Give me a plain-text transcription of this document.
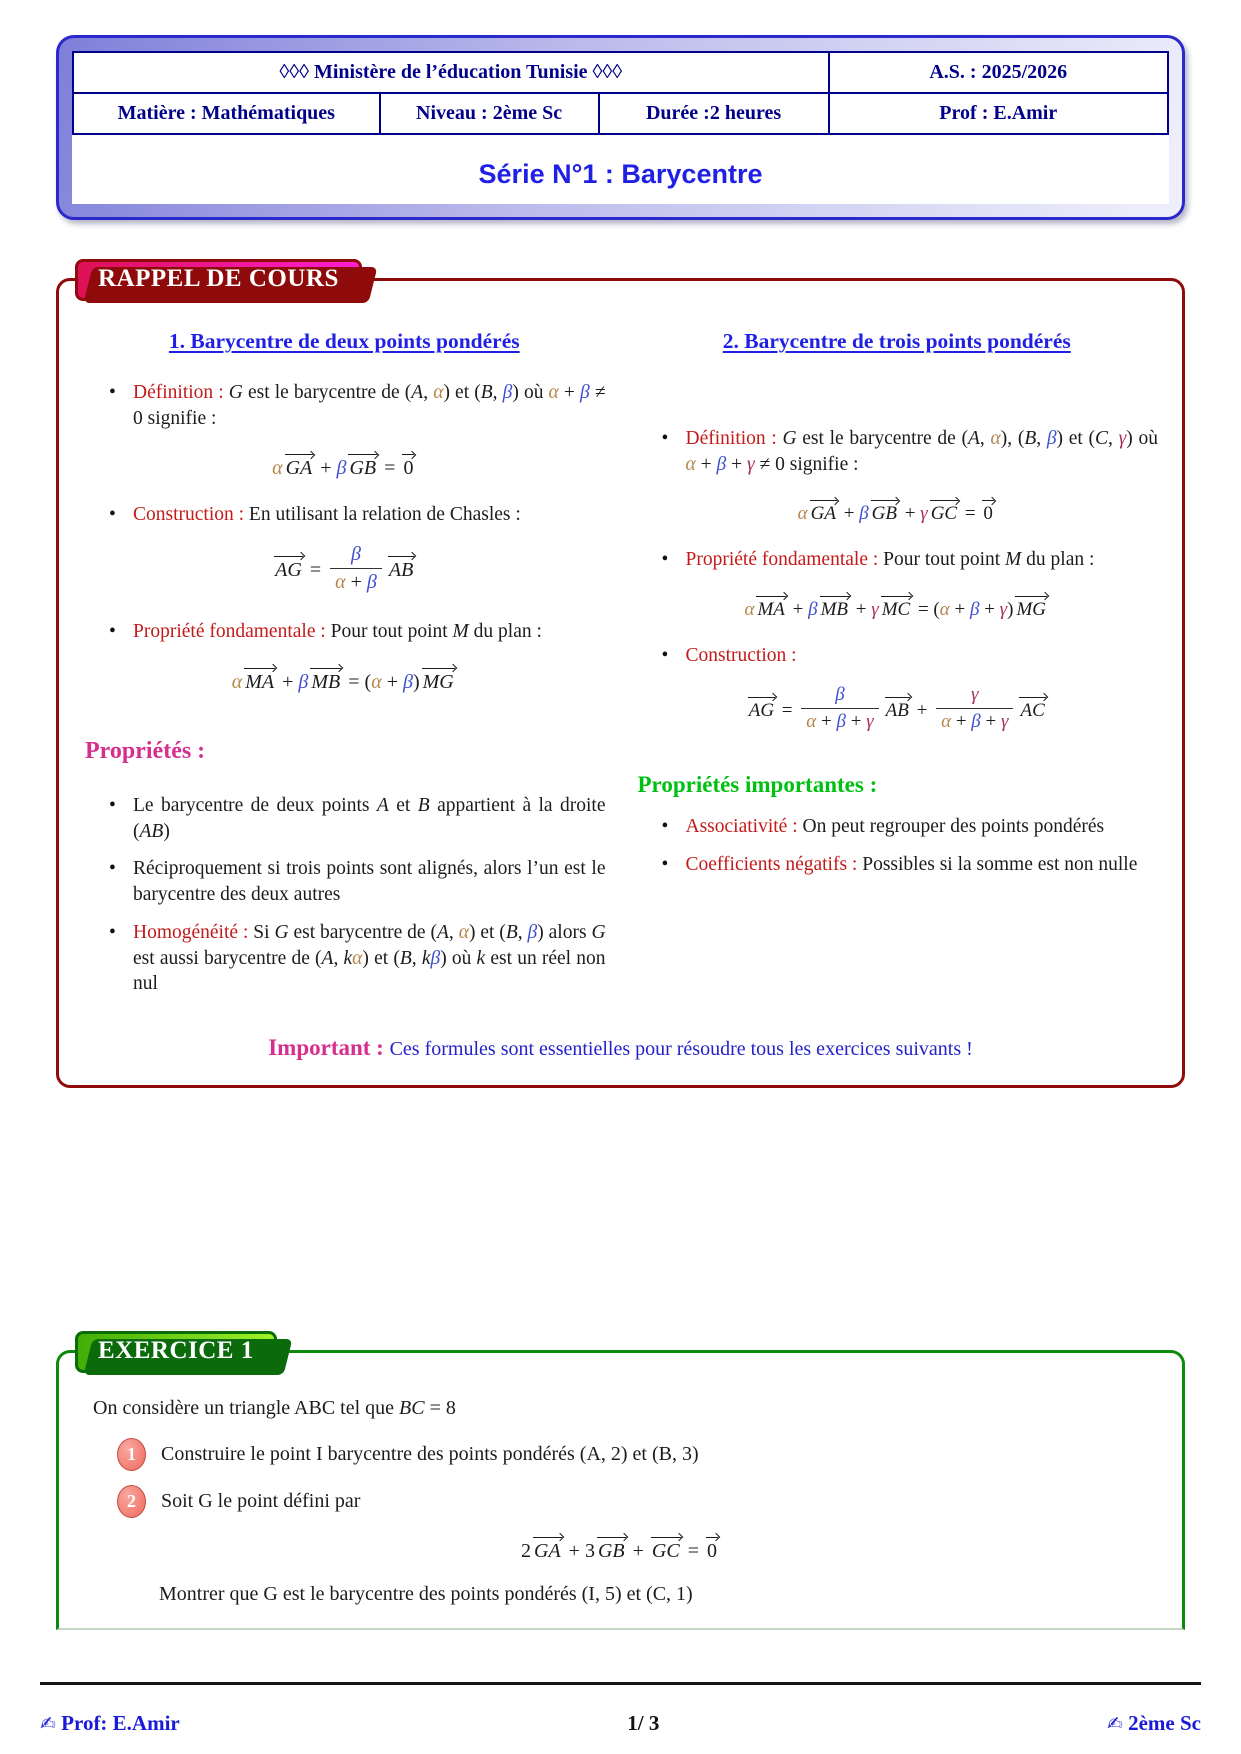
◊◊◊ Ministère de l’éducation Tunisie ◊◊◊			A.S. : 2025/2026
Matière : Mathématiques	Niveau : 2ème Sc	Durée :2 heures	Prof : E.Amir
Série N°1 : Barycentre
RAPPEL DE COURS
1. Barycentre de deux points pondérés
• Définition : G est le barycentre de (A, α) et (B, β) où α + β ≠ 0 signifie :
α GA + β GB = 0
• Construction : En utilisant la relation de Chasles :
AG = $\frac{\beta}{\alpha + \beta}$ AB
• Propriété fondamentale : Pour tout point M du plan :
α MA + β MB = (α + β) MG
Propriétés :
• Le barycentre de deux points A et B appartient à la droite (AB)
• Réciproquement si trois points sont alignés, alors l’un est le barycentre des deux autres
• Homogénéité : Si G est barycentre de (A, α) et (B, β) alors G est aussi barycentre de (A, kα) et (B, kβ) où k est un réel non nul
2. Barycentre de trois points pondérés
• Définition : G est le barycentre de (A, α), (B, β) et (C, γ) où α + β + γ ≠ 0 signifie :
α GA + β GB + γ GC = 0
• Propriété fondamentale : Pour tout point M du plan :
α MA + β MB + γ MC = (α + β + γ) MG
• Construction :
AG = $\frac{\beta}{\alpha + \beta + \gamma}$ AB + $\frac{\gamma}{\alpha + \beta + \gamma}$ AC
Propriétés importantes :
• Associativité : On peut regrouper des points pondérés
• Coefficients négatifs : Possibles si la somme est non nulle
Important : Ces formules sont essentielles pour résoudre tous les exercices suivants !
EXERCICE 1
On considère un triangle ABC tel que BC = 8
1	Construire le point I barycentre des points pondérés (A, 2) et (B, 3)
2	Soit G le point défini par
2 GA + 3 GB + GC = 0
Montrer que G est le barycentre des points pondérés (I, 5) et (C, 1)
✍ Prof: E.Amir	1/ 3	✍ 2ème Sc
